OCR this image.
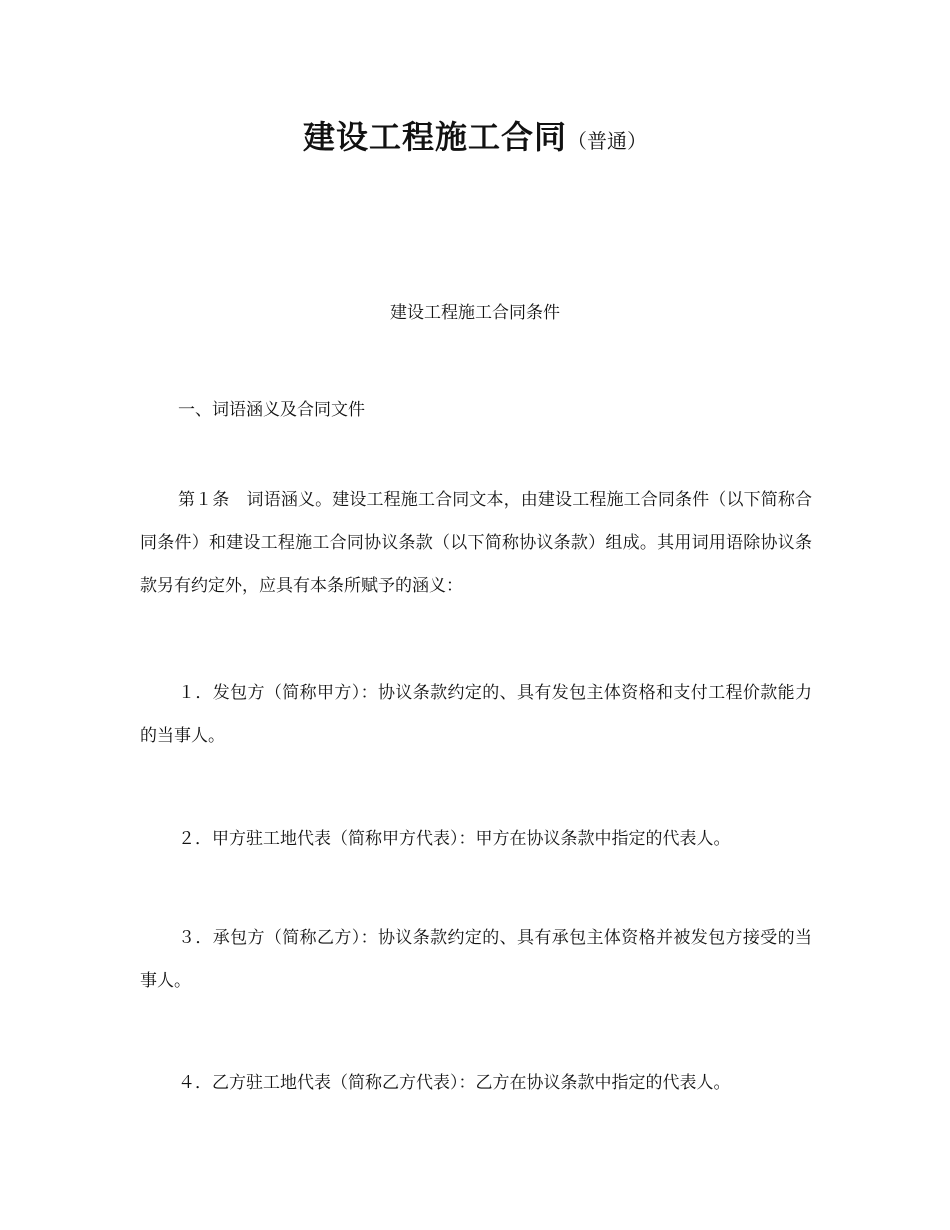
建设工程施工合同（普通）
建设工程施工合同条件
一、词语涵义及合同文件

第１条　词语涵义。建设工程施工合同文本，由建设工程施工合同条件（以下简称合同条件）和建设工程施工合同协议条款（以下简称协议条款）组成。其用词用语除协议条款另有约定外，应具有本条所赋予的涵义：

１．发包方（简称甲方）：协议条款约定的、具有发包主体资格和支付工程价款能力的当事人。

２．甲方驻工地代表（简称甲方代表）：甲方在协议条款中指定的代表人。

３．承包方（简称乙方）：协议条款约定的、具有承包主体资格并被发包方接受的当事人。

４．乙方驻工地代表（简称乙方代表）：乙方在协议条款中指定的代表人。
